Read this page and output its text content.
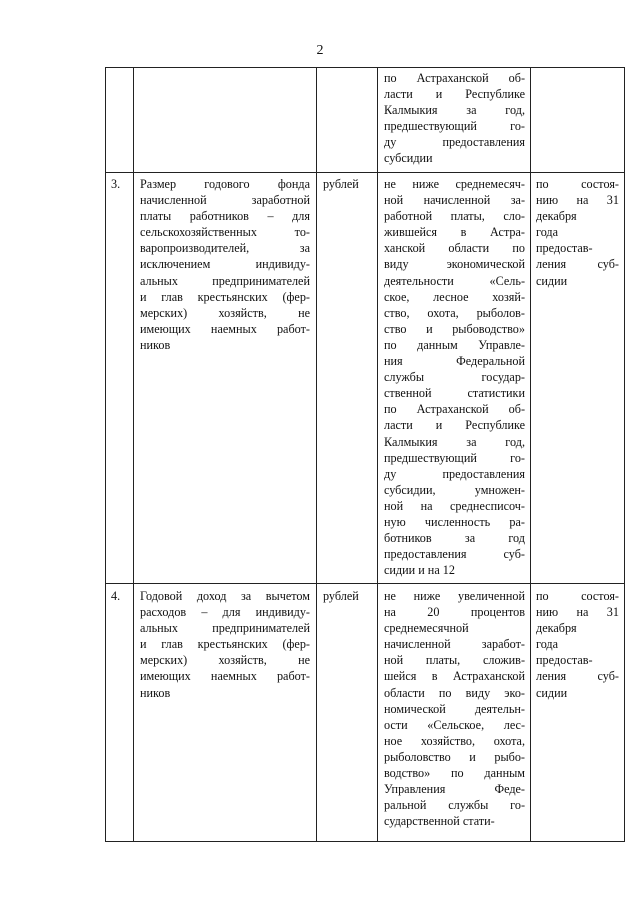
2
по Астраханской об-
ласти и Республике
Калмыкия за год,
предшествующий го-
ду предоставления
субсидии
3. Размер годового фонда
начисленной заработной
платы работников – для
сельскохозяйственных то-
варопроизводителей, за
исключением индивиду-
альных предпринимателей
и глав крестьянских (фер-
мерских) хозяйств, не
имеющих наемных работ-
ников
рублей не ниже среднемесяч-
ной начисленной за-
работной платы, сло-
жившейся в Астра-
ханской области по
виду экономической
деятельности «Сель-
ское, лесное хозяй-
ство, охота, рыболов-
ство и рыбоводство»
по данным Управле-
ния Федеральной
службы государ-
ственной статистики
по Астраханской об-
ласти и Республике
Калмыкия за год,
предшествующий го-
ду предоставления
субсидии, умножен-
ной на среднесписоч-
ную численность ра-
ботников за год
предоставления суб-
сидии и на 12
по состоя-
нию на 31
декабря
года
предостав-
ления суб-
сидии
4. Годовой доход за вычетом
расходов – для индивиду-
альных предпринимателей
и глав крестьянских (фер-
мерских) хозяйств, не
имеющих наемных работ-
ников
рублей не ниже увеличенной
на 20 процентов
среднемесячной
начисленной заработ-
ной платы, сложив-
шейся в Астраханской
области по виду эко-
номической деятельн-
ости «Сельское, лес-
ное хозяйство, охота,
рыболовство и рыбо-
водство» по данным
Управления Феде-
ральной службы го-
сударственной стати-
по состоя-
нию на 31
декабря
года
предостав-
ления суб-
сидии
